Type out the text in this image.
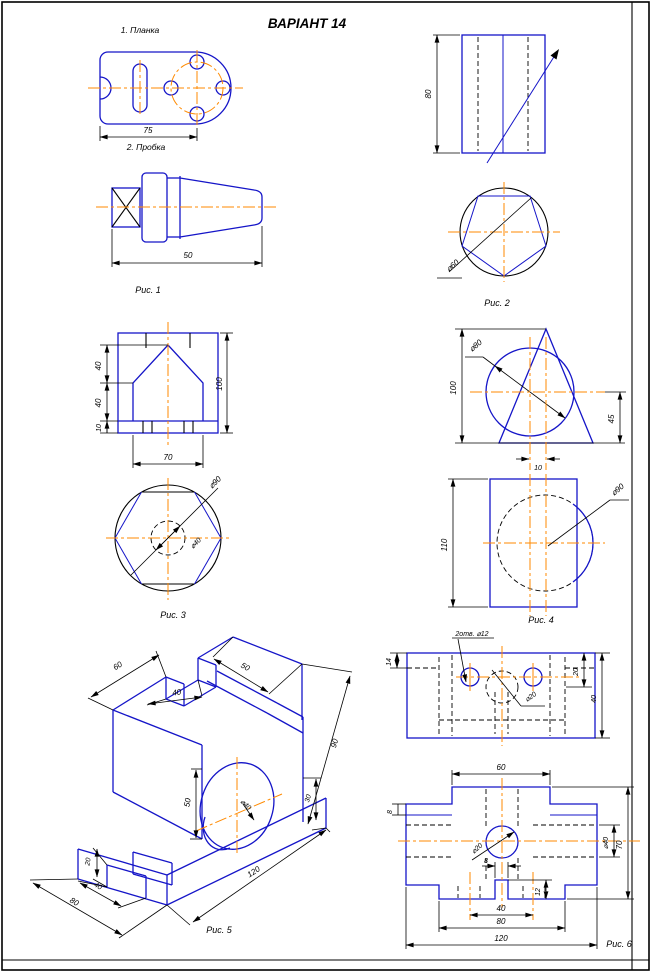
ВАРІАНТ 14
1. Планка
75
2. Пробка
50
Рис. 1
80
⌀60
Рис. 2
40
40
10
100
70
⌀90
⌀40
Рис. 3
⌀80
100
45
10
⌀90
110
Рис. 4
60
40
50
90
30
50
20
40
80
120
⌀40
Рис. 5
2отв. ⌀12
⌀20
14
20
40
⌀20
60
8
⌀40 70
8
12
40
80
120
Рис. 6
